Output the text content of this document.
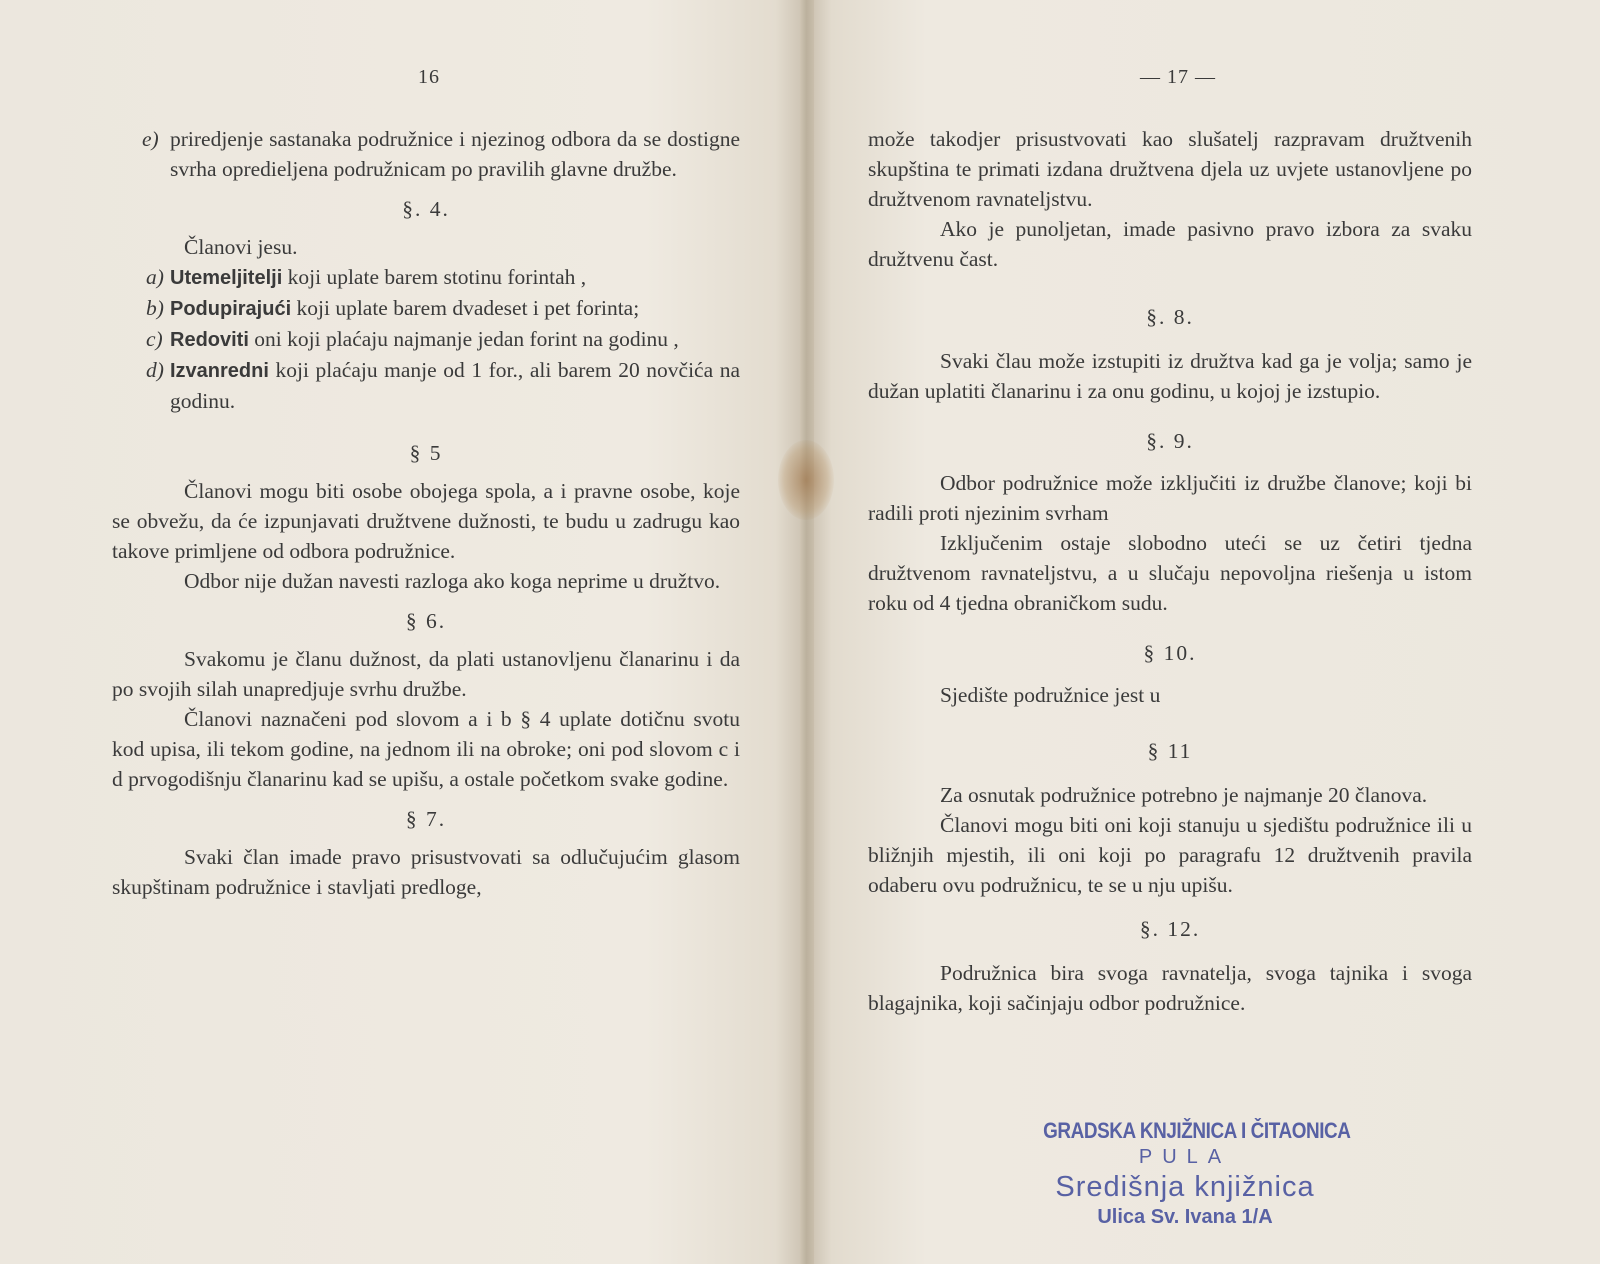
16
e) priredjenje sastanaka podružnice i njezinog odbora da se dostigne svrha opredieljena podružnicam po pravilih glavne družbe.
§. 4.

Članovi jesu.

a) Utemeljitelji koji uplate barem stotinu forintah ,
b) Podupirajući koji uplate barem dvadeset i pet forinta;
c) Redoviti oni koji plaćaju najmanje jedan forint na godinu ,
d) Izvanredni koji plaćaju manje od 1 for., ali barem 20 novčića na godinu.
§ 5

Članovi mogu biti osobe obojega spola, a i pravne osobe, koje se obvežu, da će izpunjavati družtvene dužnosti, te budu u zadrugu kao takove primljene od odbora podružnice.

Odbor nije dužan navesti razloga ako koga neprime u družtvo.

§ 6.

Svakomu je članu dužnost, da plati ustanovljenu članarinu i da po svojih silah unapredjuje svrhu družbe.

Članovi naznačeni pod slovom a i b § 4 uplate dotičnu svotu kod upisa, ili tekom godine, na jednom ili na obroke; oni pod slovom c i d prvogodišnju članarinu kad se upišu, a ostale početkom svake godine.

§ 7.

Svaki član imade pravo prisustvovati sa odlučujućim glasom skupštinam podružnice i stavljati predloge,

— 17 —

može takodjer prisustvovati kao slušatelj razpravam družtvenih skupština te primati izdana družtvena djela uz uvjete ustanovljene po družtvenom ravnateljstvu.

Ako je punoljetan, imade pasivno pravo izbora za svaku družtvenu čast.

§. 8.

Svaki člau može izstupiti iz družtva kad ga je volja; samo je dužan uplatiti članarinu i za onu godinu, u kojoj je izstupio.

§. 9.

Odbor podružnice može izključiti iz družbe članove; koji bi radili proti njezinim svrham

Izključenim ostaje slobodno uteći se uz četiri tjedna družtvenom ravnateljstvu, a u slučaju nepovoljna riešenja u istom roku od 4 tjedna obraničkom sudu.

§ 10.

Sjedište podružnice jest u

§ 11

Za osnutak podružnice potrebno je najmanje 20 članova.

Članovi mogu biti oni koji stanuju u sjedištu podružnice ili u bližnjih mjestih, ili oni koji po paragrafu 12 družtvenih pravila odaberu ovu podružnicu, te se u nju upišu.

§. 12.

Podružnica bira svoga ravnatelja, svoga tajnika i svoga blagajnika, koji sačinjaju odbor podružnice.

GRADSKA KNJIŽNICA I ČITAONICA
PULA
Središnja knjižnica
Ulica Sv. Ivana 1/A
